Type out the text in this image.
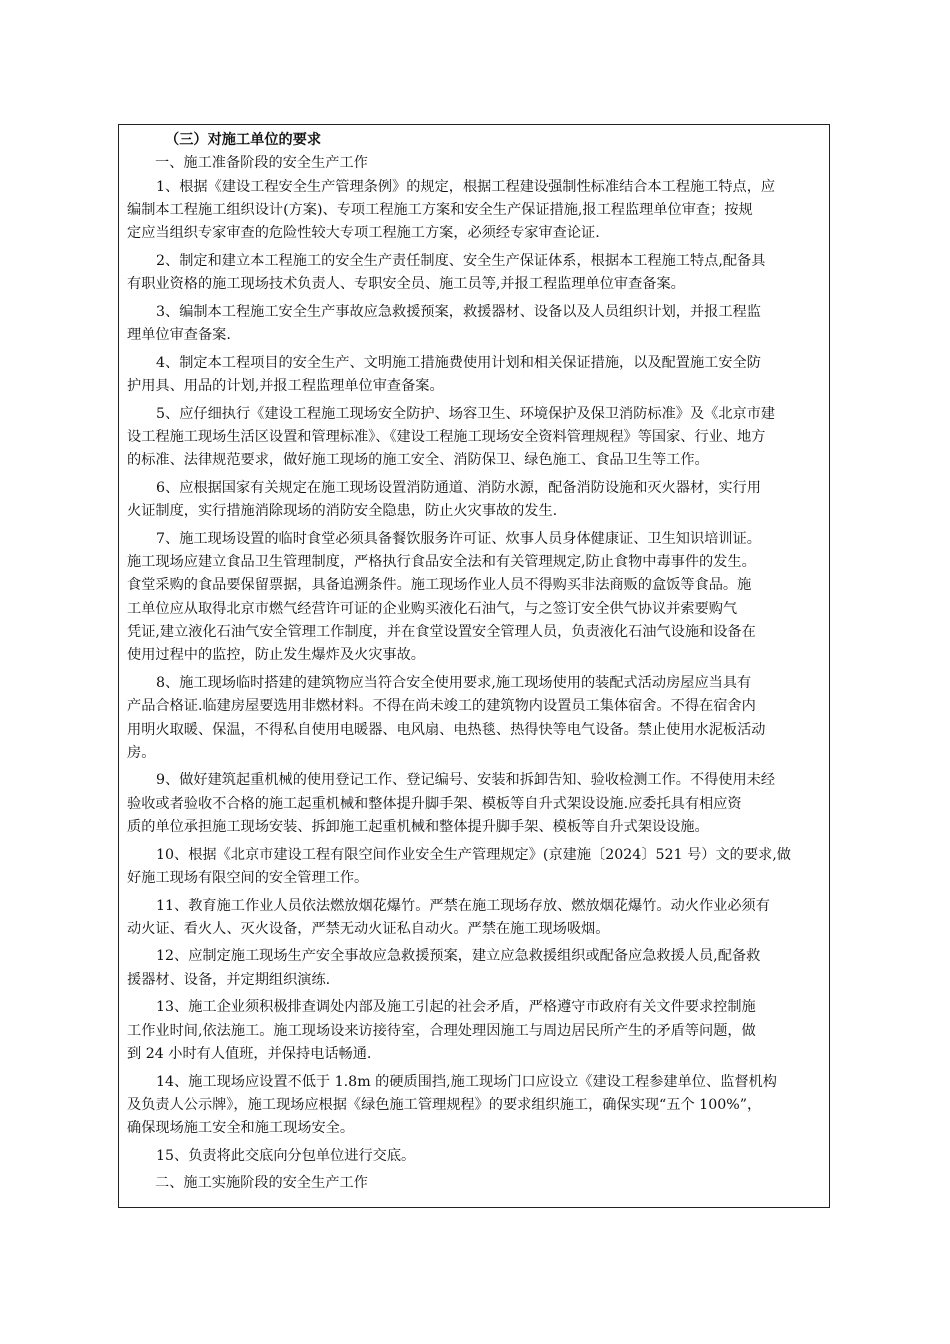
（三）对施工单位的要求
一、施工准备阶段的安全生产工作
1、根据《建设工程安全生产管理条例》的规定，根据工程建设强制性标准结合本工程施工特点，应
编制本工程施工组织设计(方案)、专项工程施工方案和安全生产保证措施,报工程监理单位审查；按规
定应当组织专家审查的危险性较大专项工程施工方案，必须经专家审查论证.
2、制定和建立本工程施工的安全生产责任制度、安全生产保证体系，根据本工程施工特点,配备具
有职业资格的施工现场技术负责人、专职安全员、施工员等,并报工程监理单位审查备案。
3、编制本工程施工安全生产事故应急救援预案，救援器材、设备以及人员组织计划，并报工程监
理单位审查备案.
4、制定本工程项目的安全生产、文明施工措施费使用计划和相关保证措施，以及配置施工安全防
护用具、用品的计划,并报工程监理单位审查备案。
5、应仔细执行《建设工程施工现场安全防护、场容卫生、环境保护及保卫消防标准》及《北京市建
设工程施工现场生活区设置和管理标准》、《建设工程施工现场安全资料管理规程》等国家、行业、地方
的标准、法律规范要求，做好施工现场的施工安全、消防保卫、绿色施工、食品卫生等工作。
6、应根据国家有关规定在施工现场设置消防通道、消防水源，配备消防设施和灭火器材，实行用
火证制度，实行措施消除现场的消防安全隐患，防止火灾事故的发生.
7、施工现场设置的临时食堂必须具备餐饮服务许可证、炊事人员身体健康证、卫生知识培训证。
施工现场应建立食品卫生管理制度，严格执行食品安全法和有关管理规定,防止食物中毒事件的发生。
食堂采购的食品要保留票据，具备追溯条件。施工现场作业人员不得购买非法商贩的盒饭等食品。施
工单位应从取得北京市燃气经营许可证的企业购买液化石油气，与之签订安全供气协议并索要购气
凭证,建立液化石油气安全管理工作制度，并在食堂设置安全管理人员，负责液化石油气设施和设备在
使用过程中的监控，防止发生爆炸及火灾事故。
8、施工现场临时搭建的建筑物应当符合安全使用要求,施工现场使用的装配式活动房屋应当具有
产品合格证.临建房屋要选用非燃材料。不得在尚未竣工的建筑物内设置员工集体宿舍。不得在宿舍内
用明火取暖、保温，不得私自使用电暖器、电风扇、电热毯、热得快等电气设备。禁止使用水泥板活动
房。
9、做好建筑起重机械的使用登记工作、登记编号、安装和拆卸告知、验收检测工作。不得使用未经
验收或者验收不合格的施工起重机械和整体提升脚手架、模板等自升式架设设施.应委托具有相应资
质的单位承担施工现场安装、拆卸施工起重机械和整体提升脚手架、模板等自升式架设设施。
10、根据《北京市建设工程有限空间作业安全生产管理规定》(京建施〔2024〕521 号）文的要求,做
好施工现场有限空间的安全管理工作。
11、教育施工作业人员依法燃放烟花爆竹。严禁在施工现场存放、燃放烟花爆竹。动火作业必须有
动火证、看火人、灭火设备，严禁无动火证私自动火。严禁在施工现场吸烟。
12、应制定施工现场生产安全事故应急救援预案，建立应急救援组织或配备应急救援人员,配备救
援器材、设备，并定期组织演练.
13、施工企业须积极排查调处内部及施工引起的社会矛盾，严格遵守市政府有关文件要求控制施
工作业时间,依法施工。施工现场设来访接待室，合理处理因施工与周边居民所产生的矛盾等问题，做
到 24 小时有人值班，并保持电话畅通.
14、施工现场应设置不低于 1.8m 的硬质围挡,施工现场门口应设立《建设工程参建单位、监督机构
及负责人公示牌》，施工现场应根据《绿色施工管理规程》的要求组织施工，确保实现“五个 100%”，
确保现场施工安全和施工现场安全。
15、负责将此交底向分包单位进行交底。
二、施工实施阶段的安全生产工作
